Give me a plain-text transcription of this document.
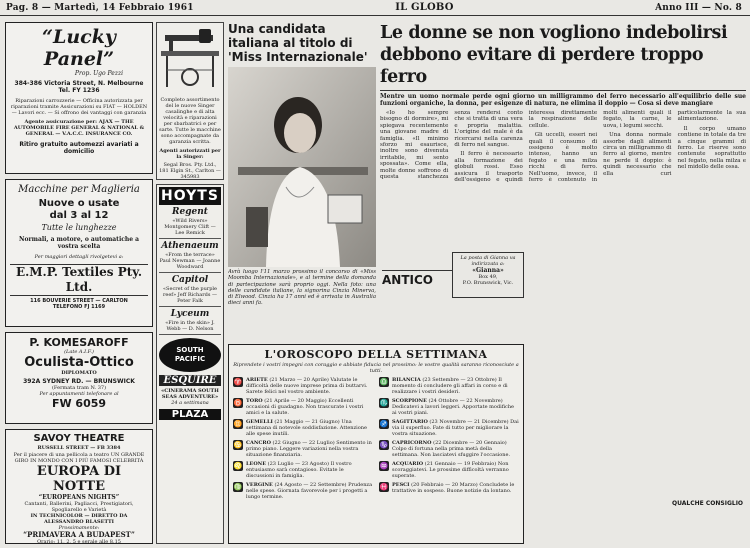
Pag. 8 — Martedì, 14 Febbraio 1961	IL GLOBO	Anno III — No. 8
“Lucky Panel”
Prop. Ugo Pezzi
384-386 Victoria Street, N. Melbourne
Tel. FY 1236
Riparazioni carrozzerie — Officina autorizzata per riparazioni tramite Assicurazioni su FIAT — HOLDEN — Lavori ecc. — Si offrono dei vantaggi con garanzia
Agente assicurazione per: AJAX — THE AUTOMOBILE FIRE GENERAL & NATIONAL & GENERAL — V.A.C.C. INSURANCE CO.
Ritiro gratuito automezzi avariati a domicilio
Macchine per Maglieria
Nuove o usate
dal 3 al 12
Tutte le lunghezze
Normali, a motore, o automatiche a vostra scelta
Per maggiori dettagli rivolgetevi a:
E.M.P. Textiles Pty. Ltd.
116 BOUVERIE STREET — CARLTON
TELEFONO FJ 1169
P. KOMESAROFF
(Late A.I.F.)
Oculista-Ottico
DIPLOMATO
392A SYDNEY RD. — BRUNSWICK
(Fermata tram N. 37)
Per appuntamenti telefonare al
FW 6059
SAVOY THEATRE
RUSSELL STREET — FB 3384
Per il piacere di una pellicola a teatro UN GRANDE GIRO IN MONDO CON I PIÙ FAMOSI CELEBRITÀ
EUROPA DI NOTTE
“EUROPEANS NIGHTS”
Cantanti, Ballerini, Pagliacci, Prestigiatori, Spogliarello e Varietà
IN TECHNICOLOR — DIRETTO DA ALESSANDRO BLASETTI
Prossimamente:
“PRIMAVERA A BUDAPEST”
Orario: 11, 2, 5 e serale alle 8.15
Completo assortimento del le nuove Singer casalinghe e di alta velocità e riparazioni per sbarbatrici e per sarte. Tutte le macchine sono accompagnate da garanzia scritta.
Agenti autorizzati per la Singer:
Segal Bros. Pty. Ltd., 181 Elgin St., Carlton — 345983
HOYTS
Regent
«Wild Rivers» Montgomery Clift — Lee Remick
Athenaeum
«From the terrace» Paul Newman — Joanne Woodward
Capitol
«Secret of the purple reef» Jeff Richards — Peter Falk
Lyceum
«Fire in the skin» J. Webb — D. Nelson
SOUTH PACIFIC
ESQUIRE
«CINERAMA SOUTH SEAS ADVENTURE»
24 a settimana
PLAZA
Una candidata italiana al titolo di 'Miss Internazionale'
Avrà luogo l'11 marzo prossimo il concorso di «Miss Moomba Internazionale», e al termine della domanda di partecipazione sarà proprio oggi. Nella foto: una delle candidate italiane, la signorina Cinzia Minerva, di Elwood. Cinzia ha 17 anni ed è arrivata in Australia dieci anni fa.
Le donne se non vogliono indebolirsi debbono evitare di perdere troppo ferro
Mentre un uomo normale perde ogni giorno un milligrammo del ferro necessario all'equilibrio delle sue funzioni organiche, la donna, per esigenze di natura, ne elimina il doppio — Cosa si deve mangiare

«Io ho sempre bisogno di dormire», mi spiegava recentemente una giovane madre di famiglia. «Il minimo sforzo mi esaurisce, inoltre sono divenuta irritabile, mi sento spossata». Come ella, molte donne soffrono di questa stanchezza senza rendersi conto che si tratta di una vera e propria malattia. L'origine del male è da ricercarsi nella carenza di ferro nel sangue.

Il ferro è necessario alla formazione dei globuli rossi. Esso assicura il trasporto dell'ossigeno e quindi interessa direttamente la respirazione delle cellule.

Gli uccelli, esseri nei quali il consumo di ossigeno è molto intenso, hanno un fegato e una milza ricchi di ferro. Nell'uomo, invece, il ferro è contenuto in molti alimenti quali il fegato, la carne, le uova, i legumi secchi.

Una donna normale assorbe dagli alimenti circa un milligrammo di ferro al giorno, mentre ne perde il doppio: è quindi necessario che ella curi particolarmente la sua alimentazione.

Il corpo umano contiene in totale da tre a cinque grammi di ferro. Le riserve sono contenute soprattutto nel fegato, nella milza e nel midollo delle ossa.

ANTICO
La posta di Gianna va indirizzata a:
«Gianna»
Box 49,
P.O. Brunswick, Vic.
QUALCHE CONSIGLIO
L'OROSCOPO DELLA SETTIMANA
Riprendete i vostri impegni con coraggio e abbiate fiducia nel prossimo: le vostre qualità saranno riconosciute a tutti.
♈ ARIETE (21 Marzo — 20 Aprile) Valutate le difficoltà delle nuove imprese prima di buttarvi. Sarete felici nel vostro ambiente.
♉ TORO (21 Aprile — 20 Maggio) Eccellenti occasioni di guadagno. Non trascurate i vostri amici e la salute.
♊ GEMELLI (21 Maggio — 21 Giugno) Una settimana di notevole soddisfazione. Attenzione alle spese inutili.
♋ CANCRO (22 Giugno — 22 Luglio) Sentimento in primo piano. Leggere variazioni nella vostra situazione finanziaria.
♌ LEONE (23 Luglio — 23 Agosto) Il vostro entusiasmo sarà contagioso. Evitate le discussioni in famiglia.
♍ VERGINE (24 Agosto — 22 Settembre) Prudenza nelle spese. Giornata favorevole per i progetti a lungo termine.
♎ BILANCIA (23 Settembre — 23 Ottobre) Il momento di concludere gli affari in corso e di realizzare i vostri desideri.
♏ SCORPIONE (24 Ottobre — 22 Novembre) Dedicatevi a lavori leggeri. Apportate modifiche ai vostri piani.
♐ SAGITTARIO (23 Novembre — 21 Dicembre) Dai via il superfluo. Fate di tutto per migliorare la vostra situazione.
♑ CAPRICORNO (22 Dicembre — 20 Gennaio) Colpo di fortuna nella prima metà della settimana. Non lasciatevi sfuggire l'occasione.
♒ ACQUARIO (21 Gennaio — 19 Febbraio) Non scoraggiatevi. Le prossime difficoltà verranno superate.
♓ PESCI (20 Febbraio — 20 Marzo) Concludete le trattative in sospeso. Buone notizie da lontano.
